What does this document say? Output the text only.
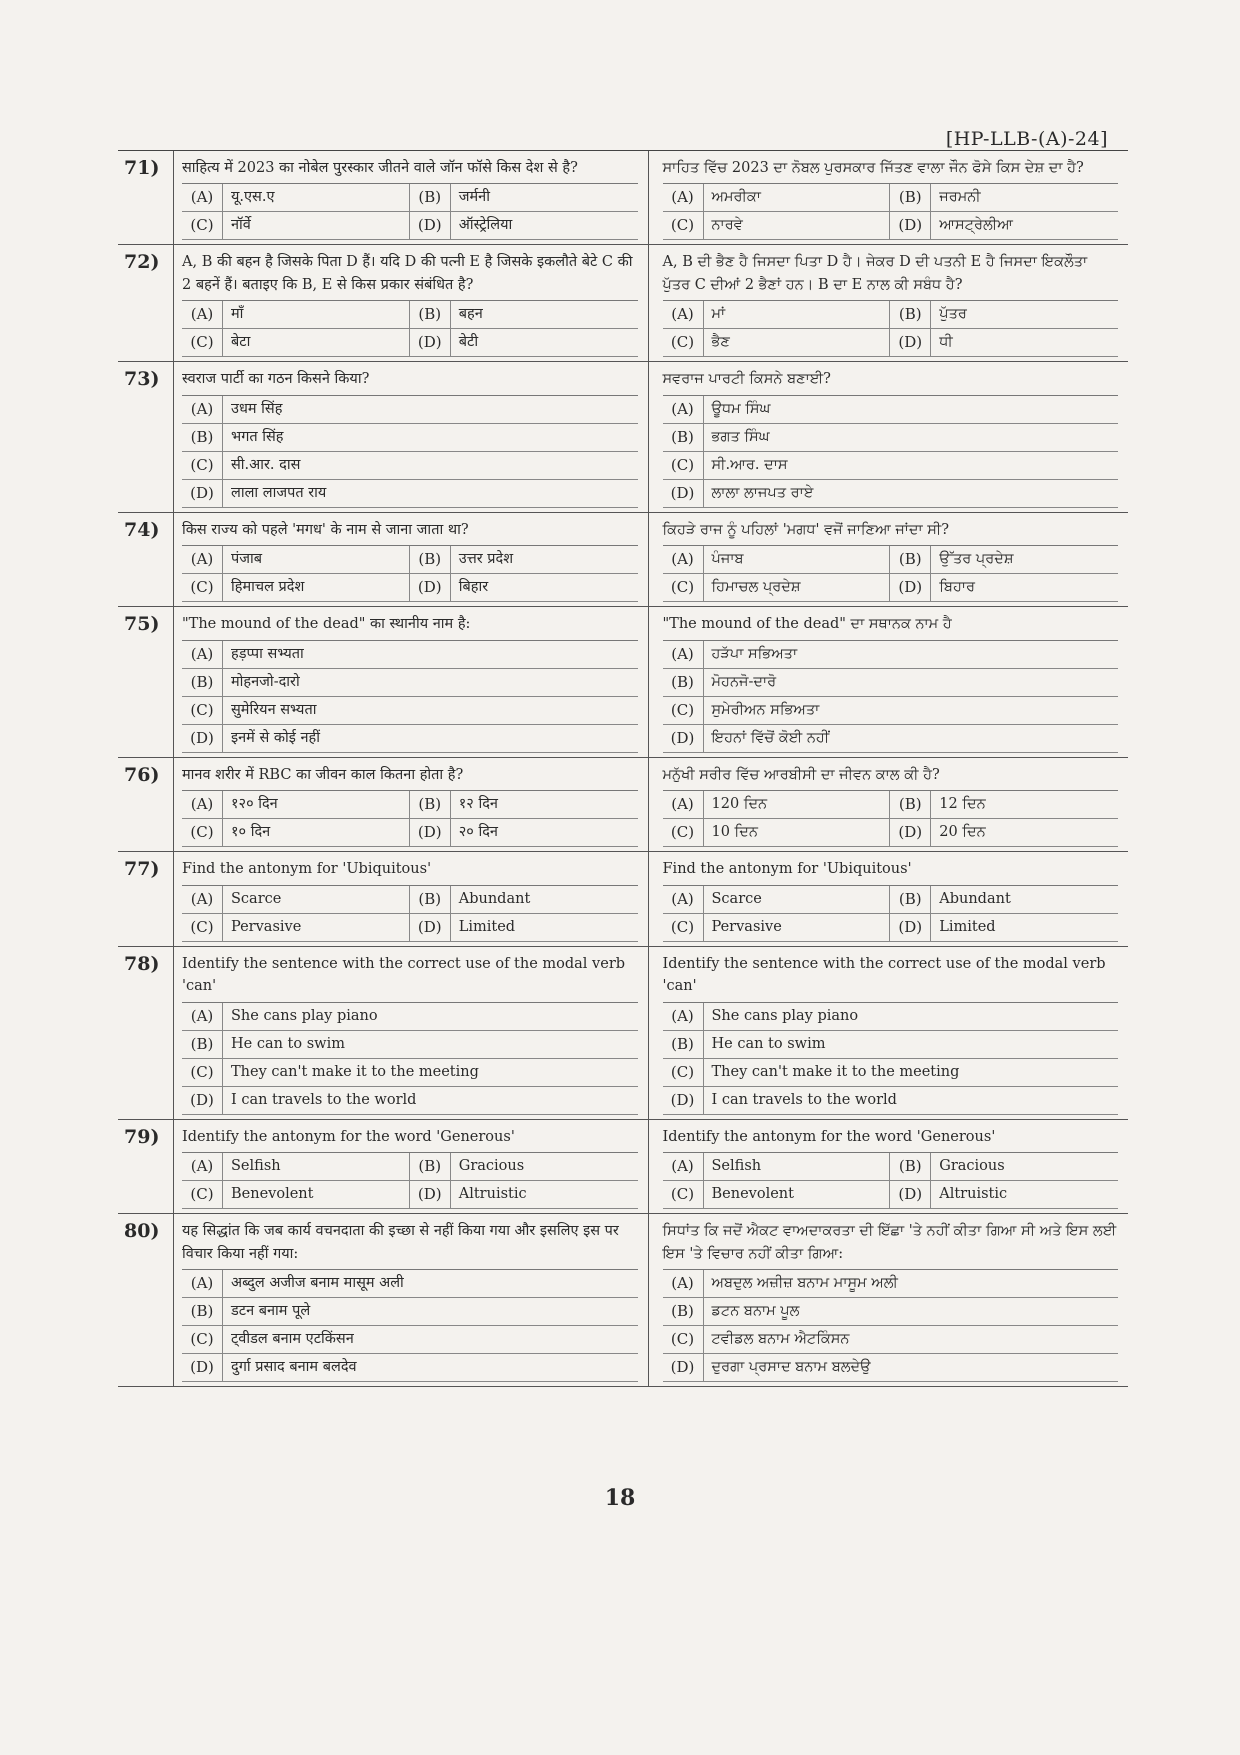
[HP-LLB-(A)-24]
71)	साहित्य में 2023 का नोबेल पुरस्कार जीतने वाले जॉन फॉसे किस देश से है?
(A)	यू.एस.ए	(B)	जर्मनी
(C)	नॉर्वे	(D)	ऑस्ट्रेलिया
ਸਾਹਿਤ ਵਿੱਚ 2023 ਦਾ ਨੋਬਲ ਪੁਰਸਕਾਰ ਜਿੱਤਣ ਵਾਲਾ ਜੌਨ ਫੋਸੇ ਕਿਸ ਦੇਸ਼ ਦਾ ਹੈ?
(A)	ਅਮਰੀਕਾ	(B)	ਜਰਮਨੀ
(C)	ਨਾਰਵੇ	(D)	ਆਸਟ੍ਰੇਲੀਆ
72)	A, B की बहन है जिसके पिता D हैं। यदि D की पत्नी E है जिसके इकलौते बेटे C की 2 बहनें हैं। बताइए कि B, E से किस प्रकार संबंधित है?
(A)	माँ	(B)	बहन
(C)	बेटा	(D)	बेटी
A, B ਦੀ ਭੈਣ ਹੈ ਜਿਸਦਾ ਪਿਤਾ D ਹੈ। ਜੇਕਰ D ਦੀ ਪਤਨੀ E ਹੈ ਜਿਸਦਾ ਇਕਲੌਤਾ ਪੁੱਤਰ C ਦੀਆਂ 2 ਭੈਣਾਂ ਹਨ। B ਦਾ E ਨਾਲ ਕੀ ਸਬੰਧ ਹੈ?
(A)	ਮਾਂ	(B)	ਪੁੱਤਰ
(C)	ਭੈਣ	(D)	ਧੀ
73)	स्वराज पार्टी का गठन किसने किया?
(A)	उधम सिंह
(B)	भगत सिंह
(C)	सी.आर. दास
(D)	लाला लाजपत राय
ਸਵਰਾਜ ਪਾਰਟੀ ਕਿਸਨੇ ਬਣਾਈ?
(A)	ਊਧਮ ਸਿੰਘ
(B)	ਭਗਤ ਸਿੰਘ
(C)	ਸੀ.ਆਰ. ਦਾਸ
(D)	ਲਾਲਾ ਲਾਜਪਤ ਰਾਏ
74)	किस राज्य को पहले 'मगध' के नाम से जाना जाता था?
(A)	पंजाब	(B)	उत्तर प्रदेश
(C)	हिमाचल प्रदेश	(D)	बिहार
ਕਿਹੜੇ ਰਾਜ ਨੂੰ ਪਹਿਲਾਂ 'ਮਗਧ' ਵਜੋਂ ਜਾਣਿਆ ਜਾਂਦਾ ਸੀ?
(A)	ਪੰਜਾਬ	(B)	ਉੱਤਰ ਪ੍ਰਦੇਸ਼
(C)	ਹਿਮਾਚਲ ਪ੍ਰਦੇਸ਼	(D)	ਬਿਹਾਰ
75)	"The mound of the dead" का स्थानीय नाम है:
(A)	हड़प्पा सभ्यता
(B)	मोहनजो-दारो
(C)	सुमेरियन सभ्यता
(D)	इनमें से कोई नहीं
"The mound of the dead" ਦਾ ਸਥਾਨਕ ਨਾਮ ਹੈ
(A)	ਹੜੱਪਾ ਸਭਿਅਤਾ
(B)	ਮੋਹਨਜੋ-ਦਾਰੋ
(C)	ਸੁਮੇਰੀਅਨ ਸਭਿਅਤਾ
(D)	ਇਹਨਾਂ ਵਿੱਚੋਂ ਕੋਈ ਨਹੀਂ
76)	मानव शरीर में RBC का जीवन काल कितना होता है?
(A)	१२० दिन	(B)	१२ दिन
(C)	१० दिन	(D)	२० दिन
ਮਨੁੱਖੀ ਸਰੀਰ ਵਿੱਚ ਆਰਬੀਸੀ ਦਾ ਜੀਵਨ ਕਾਲ ਕੀ ਹੈ?
(A)	120 ਦਿਨ	(B)	12 ਦਿਨ
(C)	10 ਦਿਨ	(D)	20 ਦਿਨ
77)	Find the antonym for 'Ubiquitous'
(A)	Scarce	(B)	Abundant
(C)	Pervasive	(D)	Limited
Find the antonym for 'Ubiquitous'
(A)	Scarce	(B)	Abundant
(C)	Pervasive	(D)	Limited
78)	Identify the sentence with the correct use of the modal verb 'can'
(A)	She cans play piano
(B)	He can to swim
(C)	They can't make it to the meeting
(D)	I can travels to the world
Identify the sentence with the correct use of the modal verb 'can'
(A)	She cans play piano
(B)	He can to swim
(C)	They can't make it to the meeting
(D)	I can travels to the world
79)	Identify the antonym for the word 'Generous'
(A)	Selfish	(B)	Gracious
(C)	Benevolent	(D)	Altruistic
Identify the antonym for the word 'Generous'
(A)	Selfish	(B)	Gracious
(C)	Benevolent	(D)	Altruistic
80)	यह सिद्धांत कि जब कार्य वचनदाता की इच्छा से नहीं किया गया और इसलिए इस पर विचार किया नहीं गया:
(A)	अब्दुल अजीज बनाम मासूम अली
(B)	डटन बनाम पूले
(C)	ट्वीडल बनाम एटकिंसन
(D)	दुर्गा प्रसाद बनाम बलदेव
ਸਿਧਾਂਤ ਕਿ ਜਦੋਂ ਐਕਟ ਵਾਅਦਾਕਰਤਾ ਦੀ ਇੱਛਾ 'ਤੇ ਨਹੀਂ ਕੀਤਾ ਗਿਆ ਸੀ ਅਤੇ ਇਸ ਲਈ ਇਸ 'ਤੇ ਵਿਚਾਰ ਨਹੀਂ ਕੀਤਾ ਗਿਆ:
(A)	ਅਬਦੁਲ ਅਜ਼ੀਜ਼ ਬਨਾਮ ਮਾਸੂਮ ਅਲੀ
(B)	ਡਟਨ ਬਨਾਮ ਪੂਲ
(C)	ਟਵੀਡਲ ਬਨਾਮ ਐਟਕਿੰਸਨ
(D)	ਦੁਰਗਾ ਪ੍ਰਸਾਦ ਬਨਾਮ ਬਲਦੇਉ
18
